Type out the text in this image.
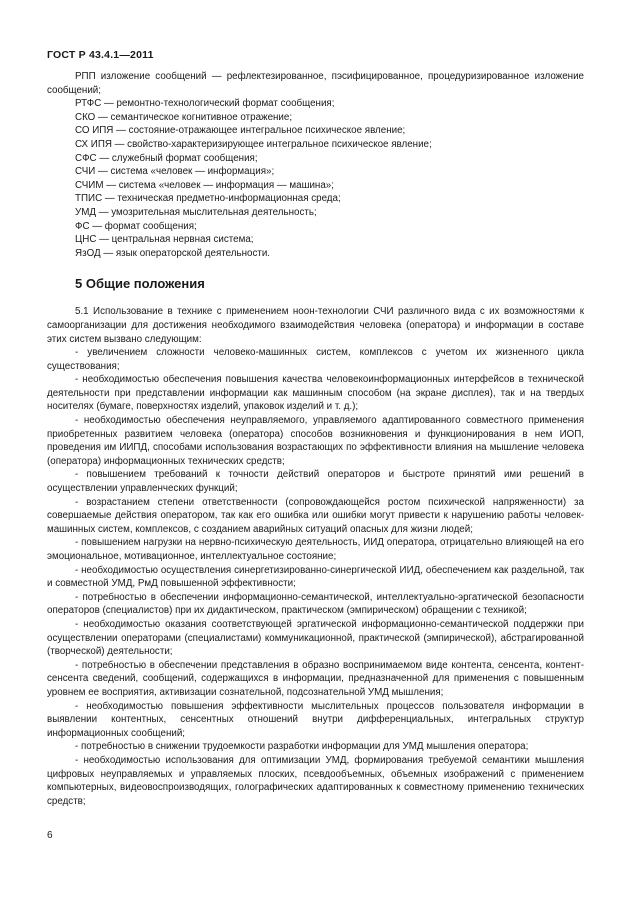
ГОСТ Р 43.4.1—2011

РПП изложение сообщений — рефлектезированное, пэсифицированное, процедуризированное изложение сообщений;

РТФС — ремонтно-технологический формат сообщения;

СКО — семантическое когнитивное отражение;

СО ИПЯ — состояние-отражающее интегральное психическое явление;

СХ ИПЯ — свойство-характеризирующее интегральное психическое явление;

СФС — служебный формат сообщения;

СЧИ — система «человек — информация»;

СЧИМ — система «человек — информация — машина»;

ТПИС — техническая предметно-информационная среда;

УМД — умозрительная мыслительная деятельность;

ФС — формат сообщения;

ЦНС — центральная нервная система;

ЯзОД — язык операторской деятельности.

5 Общие положения

5.1 Использование в технике с применением ноон-технологии СЧИ различного вида с их возможностями к самоорганизации для достижения необходимого взаимодействия человека (оператора) и информации в составе этих систем вызвано следующим:

- увеличением сложности человеко-машинных систем, комплексов с учетом их жизненного цикла существования;

- необходимостью обеспечения повышения качества человекоинформационных интерфейсов в технической деятельности при представлении информации как машинным способом (на экране дисплея), так и на твердых носителях (бумаге, поверхностях изделий, упаковок изделий и т. д.);

- необходимостью обеспечения неуправляемого, управляемого адаптированного совместного применения приобретенных развитием человека (оператора) способов возникновения и функционирования в нем ИОП, проведения им ИИПД, способами использования возрастающих по эффективности влияния на мышление человека (оператора) информационных технических средств;

- повышением требований к точности действий операторов и быстроте принятий ими решений в осуществлении управленческих функций;

- возрастанием степени ответственности (сопровождающейся ростом психической напряженности) за совершаемые действия оператором, так как его ошибка или ошибки могут привести к нарушению работы человек-машинных систем, комплексов, с созданием аварийных ситуаций опасных для жизни людей;

- повышением нагрузки на нервно-психическую деятельность, ИИД оператора, отрицательно влияющей на его эмоциональное, мотивационное, интеллектуальное состояние;

- необходимостью осуществления синергетизированно-синергической ИИД, обеспечением как раздельной, так и совместной УМД, РмД повышенной эффективности;

- потребностью в обеспечении информационно-семантической, интеллектуально-эргатической безопасности операторов (специалистов) при их дидактическом, практическом (эмпирическом) обращении с техникой;

- необходимостью оказания соответствующей эргатической информационно-семантической поддержки при осуществлении операторами (специалистами) коммуникационной, практической (эмпирической), абстрагированной (творческой) деятельности;

- потребностью в обеспечении представления в образно воспринимаемом виде контента, сенсента, контент-сенсента сведений, сообщений, содержащихся в информации, предназначенной для применения с повышенным уровнем ее восприятия, активизации сознательной, подсознательной УМД мышления;

- необходимостью повышения эффективности мыслительных процессов пользователя информации в выявлении контентных, сенсентных отношений внутри дифференциальных, интегральных структур информационных сообщений;

- потребностью в снижении трудоемкости разработки информации для УМД мышления оператора;

- необходимостью использования для оптимизации УМД, формирования требуемой семантики мышления цифровых неуправляемых и управляемых плоских, псевдообъемных, объемных изображений с применением компьютерных, видеовоспроизводящих, голографических адаптированных к совместному применению технических средств;

6
